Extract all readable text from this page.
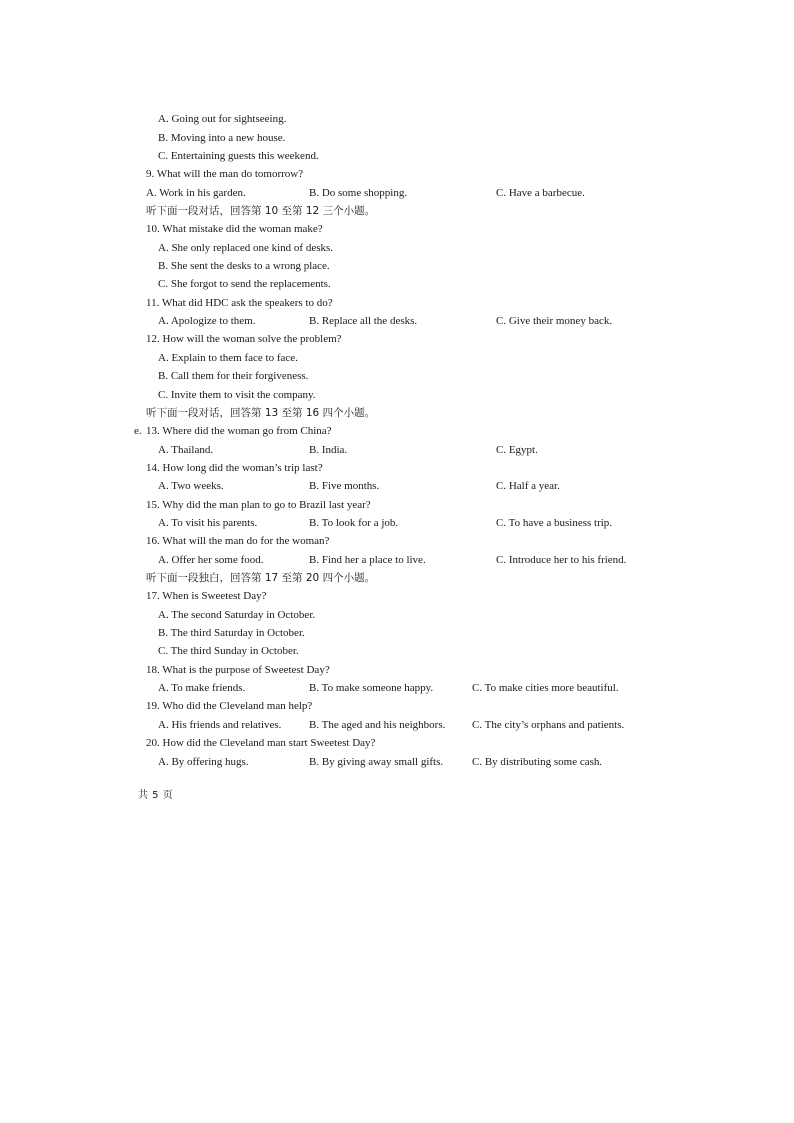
A. Going out for sightseeing.
B. Moving into a new house.
C. Entertaining guests this weekend.
9. What will the man do tomorrow?
A. Work in his garden.	B. Do some shopping.	C. Have a barbecue.
听下面一段对话，回答第 10 至第 12 三个小题。
10. What mistake did the woman make?
A. She only replaced one kind of desks.
B. She sent the desks to a wrong place.
C. She forgot to send the replacements.
11. What did HDC ask the speakers to do?
A. Apologize to them.	B. Replace all the desks.	C. Give their money back.
12. How will the woman solve the problem?
A. Explain to them face to face.
B. Call them for their forgiveness.
C. Invite them to visit the company.
听下面一段对话，回答第 13 至第 16 四个小题。
e. 13. Where did the woman go from China?
A. Thailand.	B. India.	C. Egypt.
14. How long did the woman’s trip last?
A. Two weeks.	B. Five months.	C. Half a year.
15. Why did the man plan to go to Brazil last year?
A. To visit his parents.	B. To look for a job.	C. To have a business trip.
16. What will the man do for the woman?
A. Offer her some food.	B. Find her a place to live.	C. Introduce her to his friend.
听下面一段独白，回答第 17 至第 20 四个小题。
17. When is Sweetest Day?
A. The second Saturday in October.
B. The third Saturday in October.
C. The third Sunday in October.
18. What is the purpose of Sweetest Day?
A. To make friends.	B. To make someone happy.	C. To make cities more beautiful.
19. Who did the Cleveland man help?
A. His friends and relatives.	B. The aged and his neighbors. C. The city’s orphans and patients.
20. How did the Cleveland man start Sweetest Day?
A. By offering hugs.	B. By giving away small gifts.	C. By distributing some cash.
共 5 页
